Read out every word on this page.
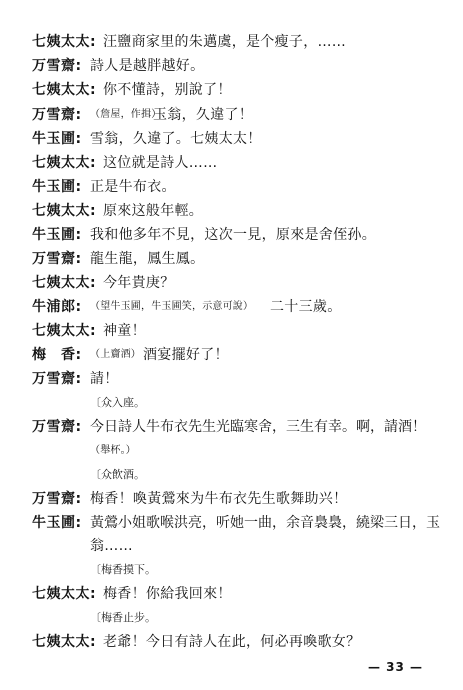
七姨太太: 汪鹽商家里的朱邁虞，是个瘦子，……
万雪齋: 詩人是越胖越好。
七姨太太: 你不懂詩，别說了！
万雪齋: （詹屋，作揖）
玉翁，久違了！
牛玉圃: 雪翁，久違了。七姨太太！
七姨太太: 这位就是詩人……
牛玉圃: 正是牛布衣。
七姨太太: 原來这般年輕。
牛玉圃: 我和他多年不見，这次一見，原來是舍侄孙。
万雪齋: 龍生龍，鳳生鳳。
七姨太太: 今年貴庚？
牛浦郎: （望牛玉圃，牛玉圃笑，示意可說） 二十三歲。
七姨太太: 神童！
梅　香: （上齎酒） 酒宴擺好了！
万雪齋: 請！
〔众入座。
万雪齋: 今日詩人牛布衣先生光臨寒舍，三生有幸。啊，請酒！
（舉杯。）
〔众飲酒。
万雪齋: 梅香！喚黃鶯來为牛布衣先生歌舞助兴！
牛玉圃: 黃鶯小姐歌喉洪亮，听她一曲，余音裊裊，繞梁三日，玉
翁……
〔梅香摸下。
七姨太太: 梅香！你給我回來！
〔梅香止步。
七姨太太: 老爺！今日有詩人在此，何必再喚歌女？
— 33 —
